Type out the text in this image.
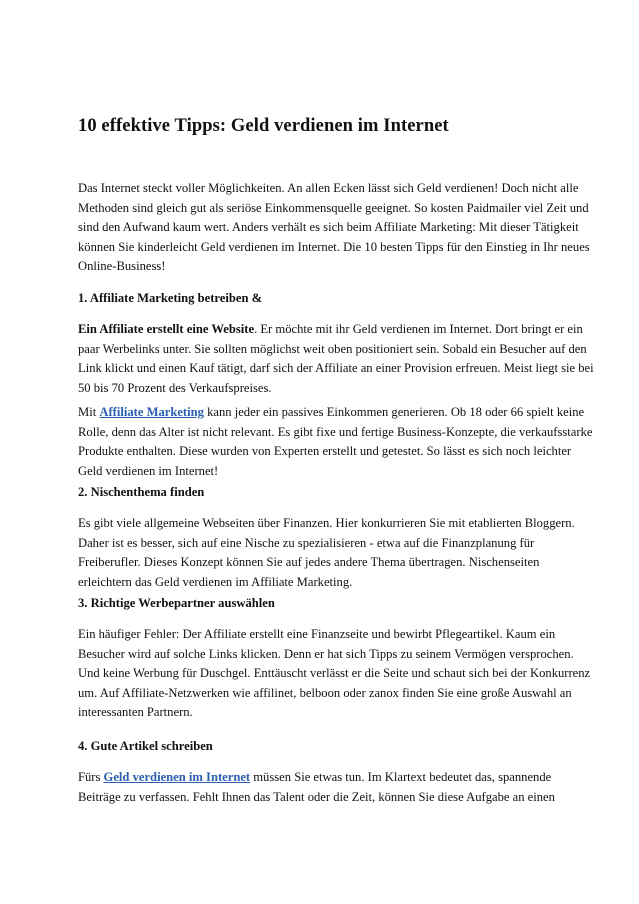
10 effektive Tipps: Geld verdienen im Internet

Das Internet steckt voller Möglichkeiten. An allen Ecken lässt sich Geld verdienen! Doch nicht alle
Methoden sind gleich gut als seriöse Einkommensquelle geeignet. So kosten Paidmailer viel Zeit und
sind den Aufwand kaum wert. Anders verhält es sich beim Affiliate Marketing: Mit dieser Tätigkeit
können Sie kinderleicht Geld verdienen im Internet. Die 10 besten Tipps für den Einstieg in Ihr neues
Online-Business!

1. Affiliate Marketing betreiben &

Ein Affiliate erstellt eine Website. Er möchte mit ihr Geld verdienen im Internet. Dort bringt er ein
paar Werbelinks unter. Sie sollten möglichst weit oben positioniert sein. Sobald ein Besucher auf den
Link klickt und einen Kauf tätigt, darf sich der Affiliate an einer Provision erfreuen. Meist liegt sie bei
50 bis 70 Prozent des Verkaufspreises.

Mit Affiliate Marketing kann jeder ein passives Einkommen generieren. Ob 18 oder 66 spielt keine
Rolle, denn das Alter ist nicht relevant. Es gibt fixe und fertige Business-Konzepte, die verkaufsstarke
Produkte enthalten. Diese wurden von Experten erstellt und getestet. So lässt es sich noch leichter
Geld verdienen im Internet!

2. Nischenthema finden

Es gibt viele allgemeine Webseiten über Finanzen. Hier konkurrieren Sie mit etablierten Bloggern.
Daher ist es besser, sich auf eine Nische zu spezialisieren - etwa auf die Finanzplanung für
Freiberufler. Dieses Konzept können Sie auf jedes andere Thema übertragen. Nischenseiten
erleichtern das Geld verdienen im Affiliate Marketing.

3. Richtige Werbepartner auswählen

Ein häufiger Fehler: Der Affiliate erstellt eine Finanzseite und bewirbt Pflegeartikel. Kaum ein
Besucher wird auf solche Links klicken. Denn er hat sich Tipps zu seinem Vermögen versprochen.
Und keine Werbung für Duschgel. Enttäuscht verlässt er die Seite und schaut sich bei der Konkurrenz
um. Auf Affiliate-Netzwerken wie affilinet, belboon oder zanox finden Sie eine große Auswahl an
interessanten Partnern.

4. Gute Artikel schreiben

Fürs Geld verdienen im Internet müssen Sie etwas tun. Im Klartext bedeutet das, spannende
Beiträge zu verfassen. Fehlt Ihnen das Talent oder die Zeit, können Sie diese Aufgabe an einen
